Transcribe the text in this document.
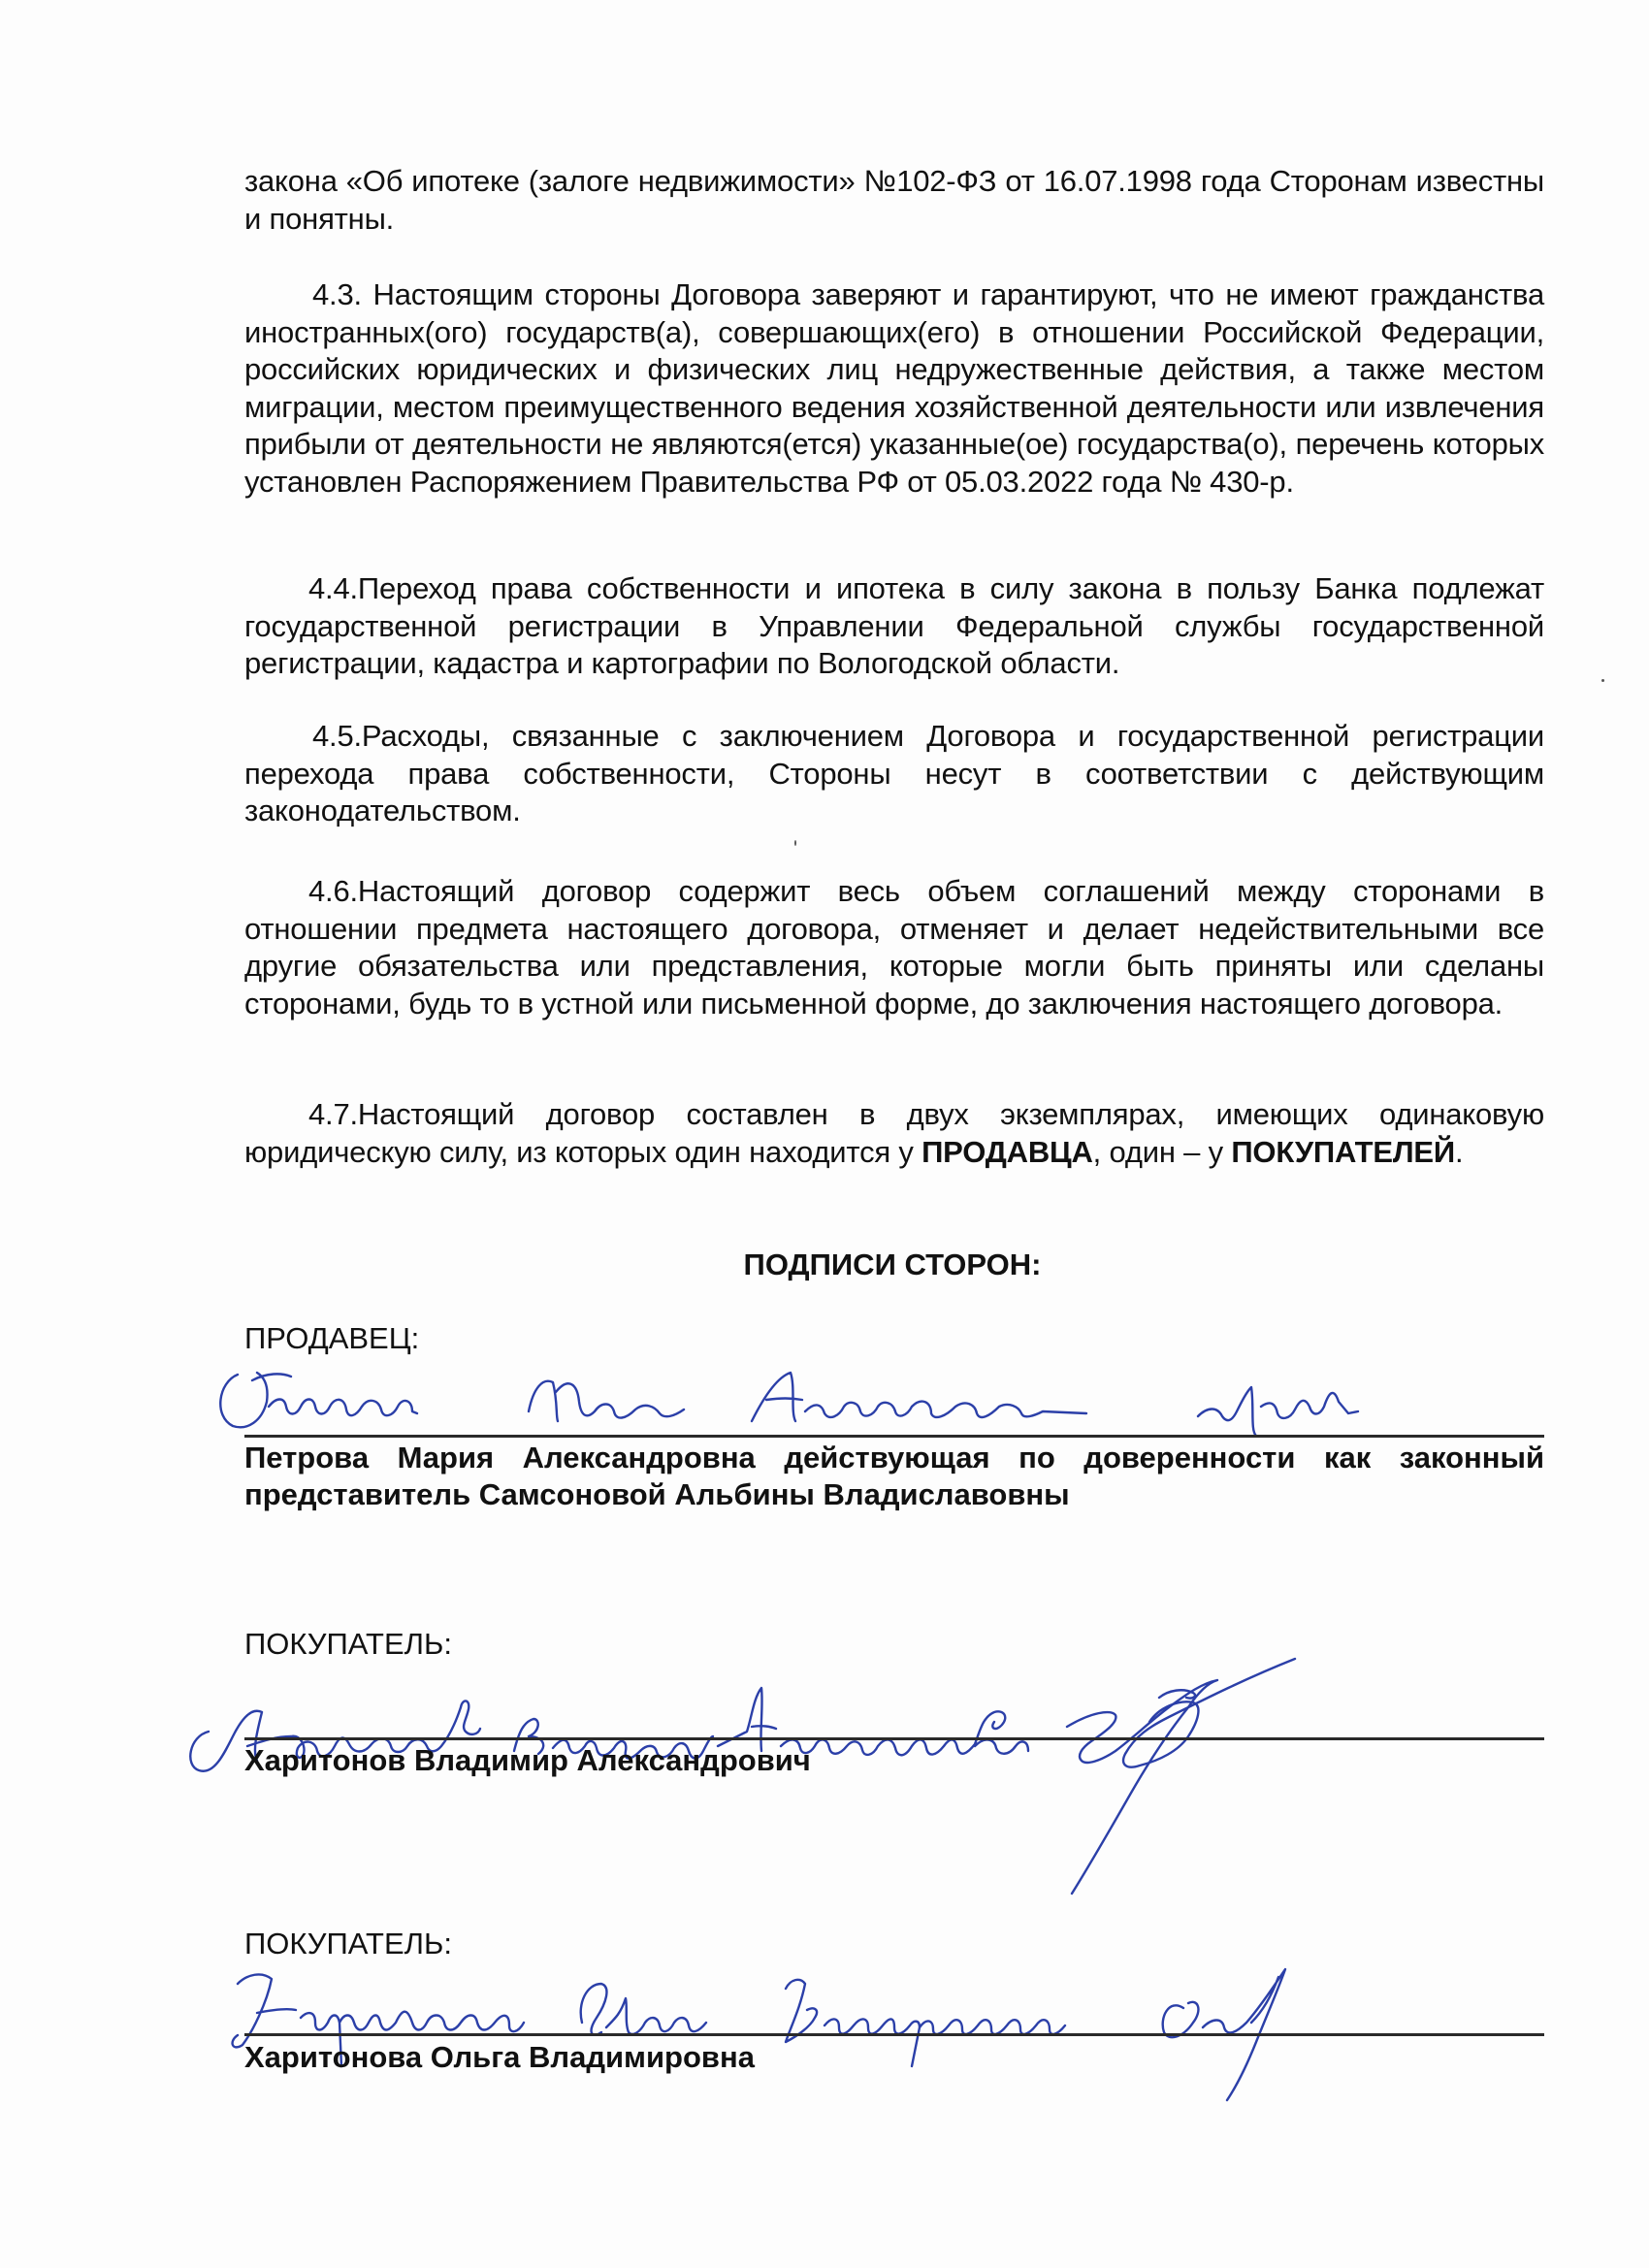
закона «Об ипотеке (залоге недвижимости» №102-ФЗ от 16.07.1998 года Сторонам известны и понятны.

4.3. Настоящим стороны Договора заверяют и гарантируют, что не имеют гражданства иностранных(ого) государств(а), совершающих(его) в отношении Российской Федерации, российских юридических и физических лиц недружественные действия, а также местом миграции, местом преимущественного ведения хозяйственной деятельности или извлечения прибыли от деятельности не являются(ется) указанные(ое) государства(о), перечень которых установлен Распоряжением Правительства РФ от 05.03.2022 года № 430-р.

4.4.Переход права собственности и ипотека в силу закона в пользу Банка подлежат государственной регистрации в Управлении Федеральной службы государственной регистрации, кадастра и картографии по Вологодской области.

4.5.Расходы, связанные с заключением Договора и государственной регистрации перехода права собственности, Стороны несут в соответствии с действующим законодательством.

4.6.Настоящий договор содержит весь объем соглашений между сторонами в отношении предмета настоящего договора, отменяет и делает недействительными все другие обязательства или представления, которые могли быть приняты или сделаны сторонами, будь то в устной или письменной форме, до заключения настоящего договора.

4.7.Настоящий договор составлен в двух экземплярах, имеющих одинаковую юридическую силу, из которых один находится у ПРОДАВЦА, один – у ПОКУПАТЕЛЕЙ.

ПОДПИСИ СТОРОН:
ПРОДАВЕЦ:
Петрова Мария Александровна действующая по доверенности как законный представитель Самсоновой Альбины Владиславовны
ПОКУПАТЕЛЬ:
Харитонов Владимир Александрович
ПОКУПАТЕЛЬ:
Харитонова Ольга Владимировна
